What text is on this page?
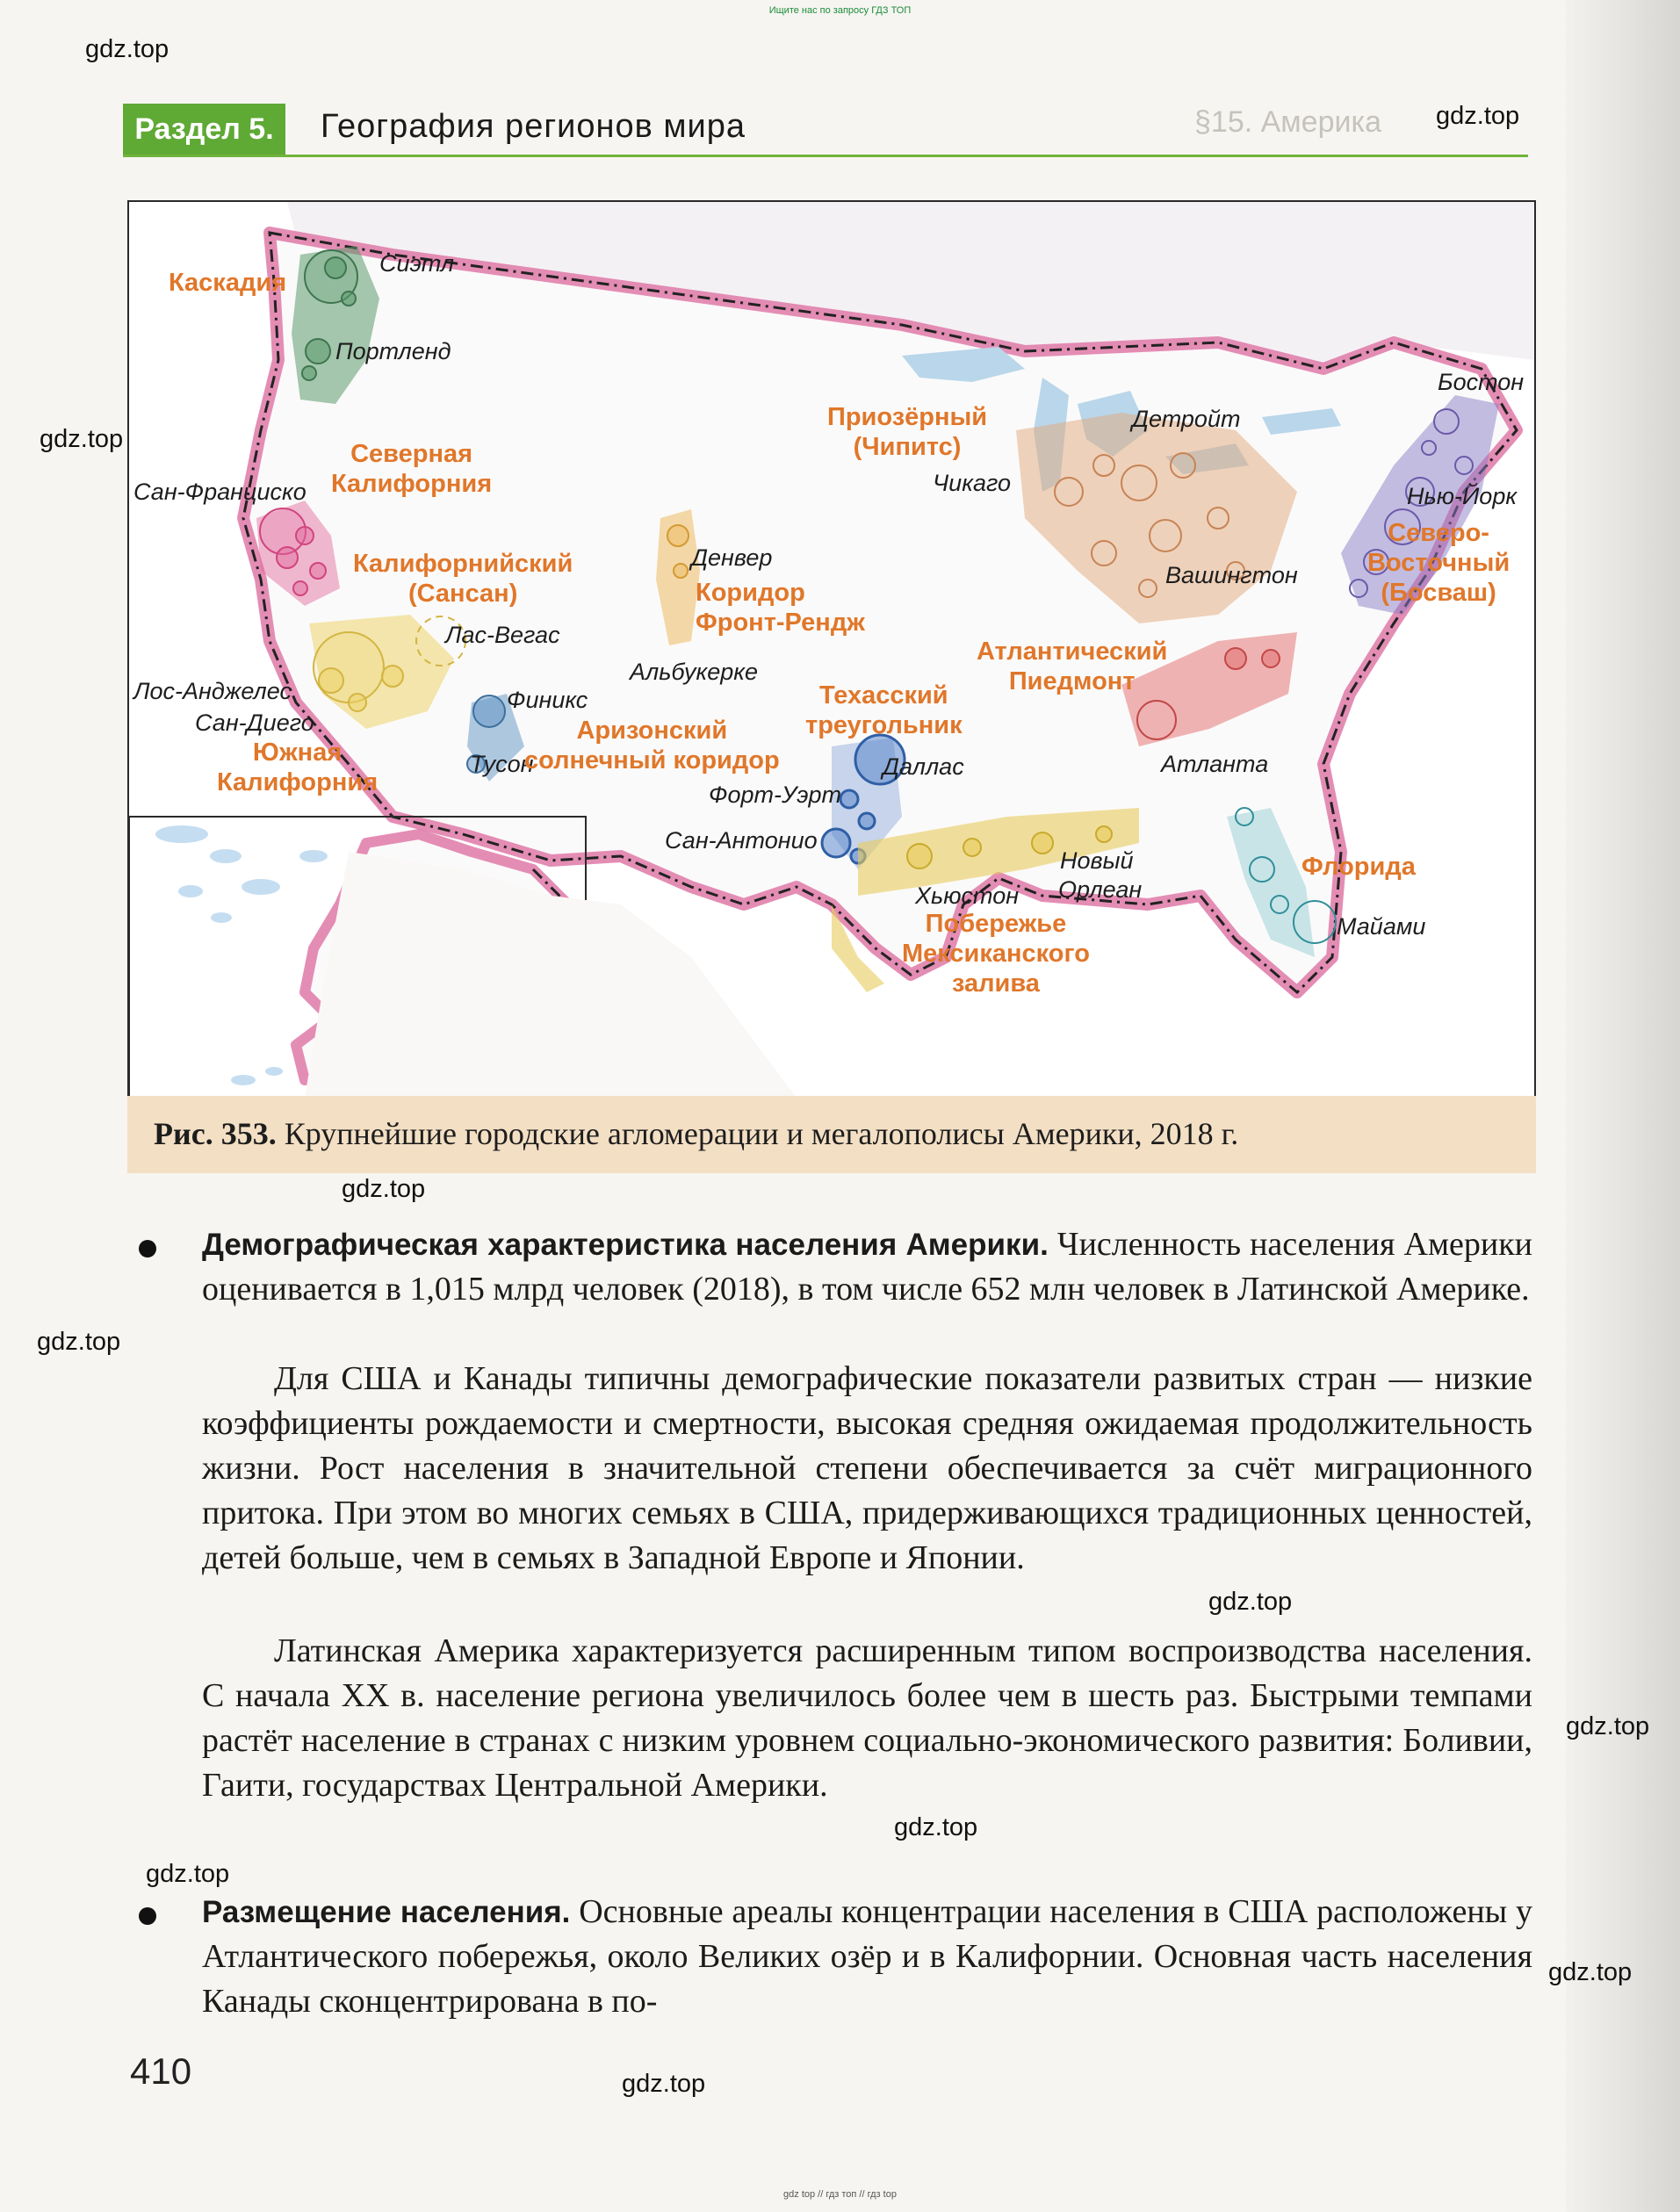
Ищите нас по запросу ГДЗ ТОП
gdz.top
gdz.top
gdz.top
gdz.top
gdz.top
gdz.top
gdz.top
gdz.top
gdz.top
gdz.top
gdz.top
§15. Америка
Раздел 5.	География регионов мира
Сиэтл
Портленд
Сан-Франциско
Лас-Вегас
Лос-Анджелес
Сан-Диего
Финикс
Тусон
Денвер
Альбукерке
Даллас
Форт-Уэрт
Сан-Антонио
Хьюстон
Новый
Орлеан
Чикаго
Детройт
Бостон
Нью-Йорк
Вашингтон
Атланта
Майами
Каскадия
Северная
Калифорния
Калифорнийский
(Сансан)	Коридор
Фронт-Рендж
Южная
Калифорния
Аризонский
солнечный коридор
Техасский
треугольник
Приозёрный
(Чипитс)
Северо-
Восточный
(Босваш)
Атлантический
Пиедмонт
Побережье
Мексиканского
залива
Флорида
Рис. 353. Крупнейшие городские агломерации и мегалополисы Америки, 2018 г.
Демографическая характеристика населения Америки. Численность населения Америки оценивается в 1,015 млрд человек (2018), в том числе 652 млн человек в Латинской Америке.
Для США и Канады типичны демографические показатели развитых стран — низкие коэффициенты рождаемости и смертности, высокая средняя ожидаемая продолжительность жизни. Рост населения в значительной степени обеспечивается за счёт миграционного притока. При этом во многих семьях в США, придерживающихся традиционных ценностей, детей больше, чем в семьях в Западной Европе и Японии.
Латинская Америка характеризуется расширенным типом воспроизводства населения. С начала XX в. население региона увеличилось более чем в шесть раз. Быстрыми темпами растёт население в странах с низким уровнем социально-экономического развития: Боливии, Гаити, государствах Центральной Америки.
Размещение населения. Основные ареалы концентрации населения в США расположены у Атлантического побережья, около Великих озёр и в Калифорнии. Основная часть населения Канады сконцентрирована в по-
410
gdz top // гдз топ // гдз top
